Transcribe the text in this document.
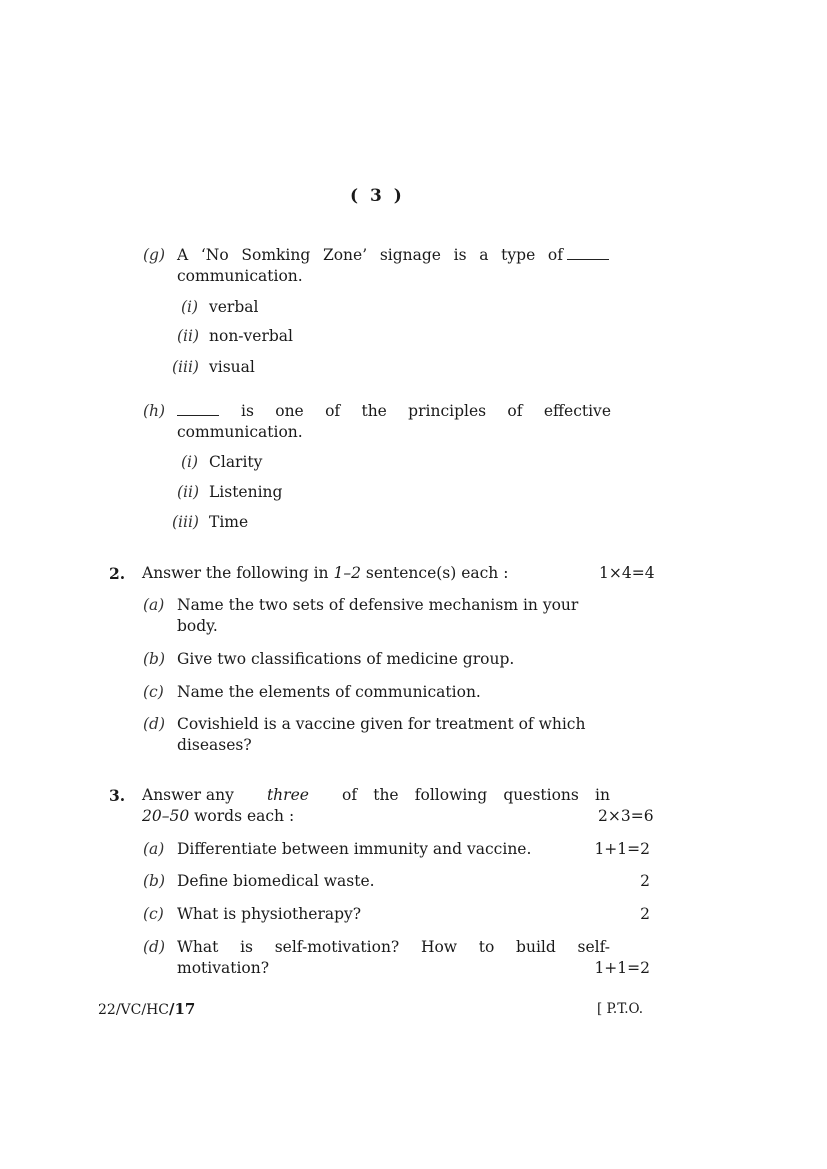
( 3 )
(g) A ‘No Somking Zone’ signage is a type of
communication.
(i) verbal
(ii) non-verbal
(iii) visual
(h)	is one of the principles of effective
communication.
(i) Clarity
(ii) Listening
(iii) Time
2. Answer the following in 1–2 sentence(s) each :	1×4=4
(a) Name the two sets of defensive mechanism in your
body.
(b) Give two classifications of medicine group.
(c) Name the elements of communication.
(d) Covishield is a vaccine given for treatment of which
diseases?
3. Answer any three of the following questions in
20–50 words each :	2×3=6
(a) Differentiate between immunity and vaccine.	1+1=2
(b) Define biomedical waste.	2
(c) What is physiotherapy?	2
(d) What is self-motivation? How to build self-
motivation?	1+1=2
22/VC/HC/17	[ P.T.O.
